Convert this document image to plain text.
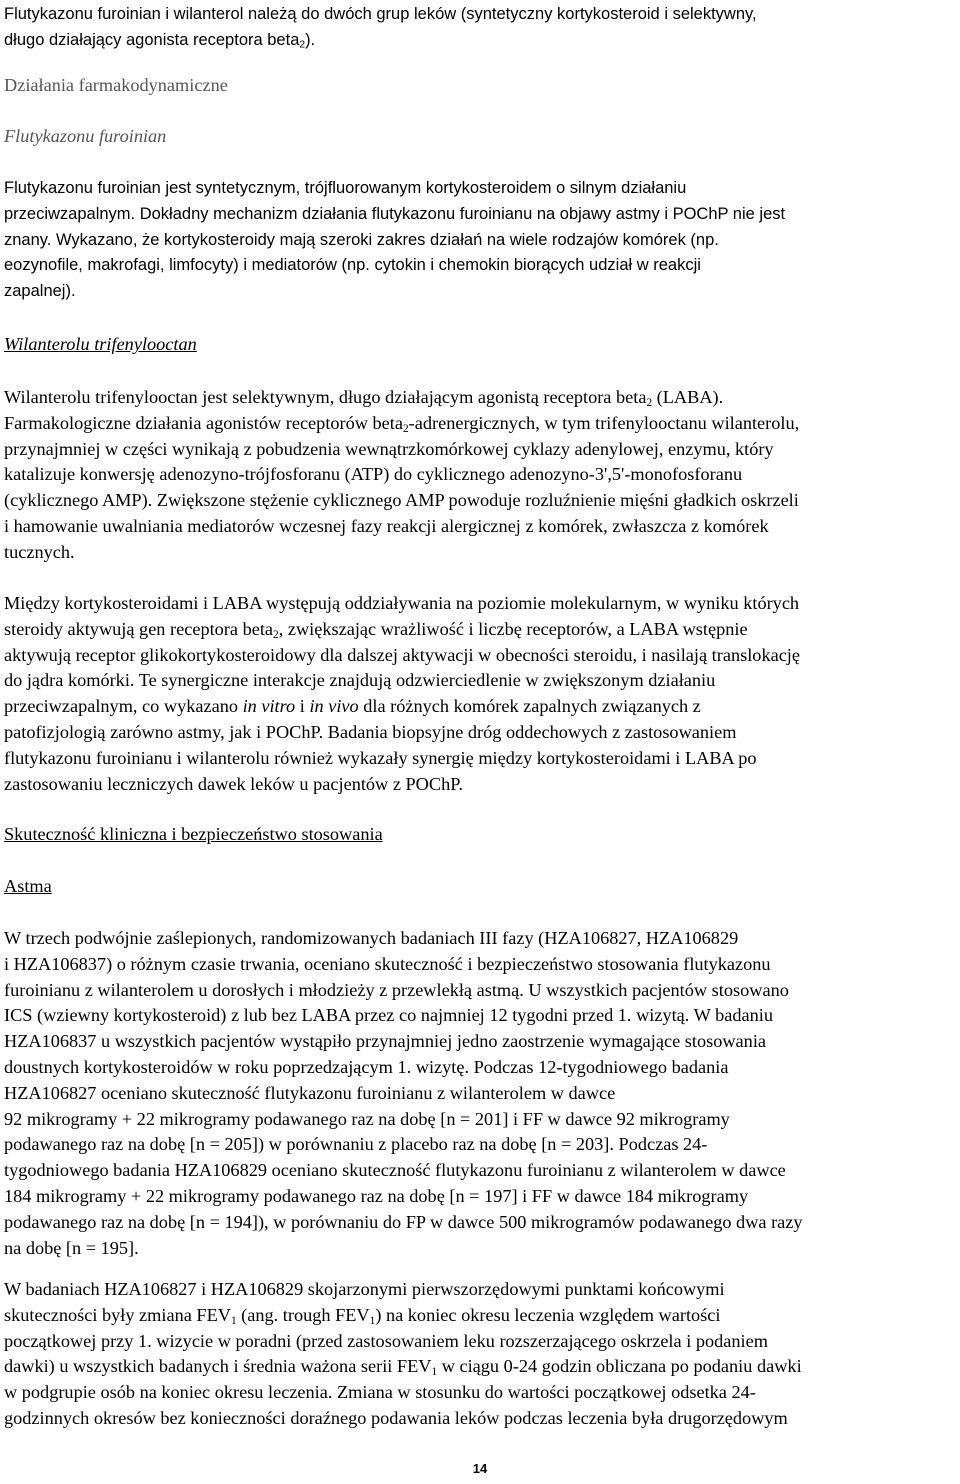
Flutykazonu furoinian i wilanterol należą do dwóch grup leków (syntetyczny kortykosteroid i selektywny,
długo działający agonista receptora beta$_2$).

Działania farmakodynamiczne

Flutykazonu furoinian

Flutykazonu furoinian jest syntetycznym, trójfluorowanym kortykosteroidem o silnym działaniu
przeciwzapalnym. Dokładny mechanizm działania flutykazonu furoinianu na objawy astmy i POChP nie jest
znany. Wykazano, że kortykosteroidy mają szeroki zakres działań na wiele rodzajów komórek (np.
eozynofile, makrofagi, limfocyty) i mediatorów (np. cytokin i chemokin biorących udział w reakcji
zapalnej).

Wilanterolu trifenylooctan

Wilanterolu trifenylooctan jest selektywnym, długo działającym agonistą receptora beta$_2$ (LABA).
Farmakologiczne działania agonistów receptorów beta$_2$-adrenergicznych, w tym trifenylooctanu wilanterolu,
przynajmniej w części wynikają z pobudzenia wewnątrzkomórkowej cyklazy adenylowej, enzymu, który
katalizuje konwersję adenozyno-trójfosforanu (ATP) do cyklicznego adenozyno-3',5'-monofosforanu
(cyklicznego AMP). Zwiększone stężenie cyklicznego AMP powoduje rozluźnienie mięśni gładkich oskrzeli
i hamowanie uwalniania mediatorów wczesnej fazy reakcji alergicznej z komórek, zwłaszcza z komórek
tucznych.

Między kortykosteroidami i LABA występują oddziaływania na poziomie molekularnym, w wyniku których
steroidy aktywują gen receptora beta$_2$, zwiększając wrażliwość i liczbę receptorów, a LABA wstępnie
aktywują receptor glikokortykosteroidowy dla dalszej aktywacji w obecności steroidu, i nasilają translokację
do jądra komórki. Te synergiczne interakcje znajdują odzwierciedlenie w zwiększonym działaniu
przeciwzapalnym, co wykazano in vitro i in vivo dla różnych komórek zapalnych związanych z
patofizjologią zarówno astmy, jak i POChP. Badania biopsyjne dróg oddechowych z zastosowaniem
flutykazonu furoinianu i wilanterolu również wykazały synergię między kortykosteroidami i LABA po
zastosowaniu leczniczych dawek leków u pacjentów z POChP.

Skuteczność kliniczna i bezpieczeństwo stosowania

Astma

W trzech podwójnie zaślepionych, randomizowanych badaniach III fazy (HZA106827, HZA106829
i HZA106837) o różnym czasie trwania, oceniano skuteczność i bezpieczeństwo stosowania flutykazonu
furoinianu z wilanterolem u dorosłych i młodzieży z przewlekłą astmą. U wszystkich pacjentów stosowano
ICS (wziewny kortykosteroid) z lub bez LABA przez co najmniej 12 tygodni przed 1. wizytą. W badaniu
HZA106837 u wszystkich pacjentów wystąpiło przynajmniej jedno zaostrzenie wymagające stosowania
doustnych kortykosteroidów w roku poprzedzającym 1. wizytę. Podczas 12-tygodniowego badania
HZA106827 oceniano skuteczność flutykazonu furoinianu z wilanterolem w dawce
92 mikrogramy + 22 mikrogramy podawanego raz na dobę [n = 201] i FF w dawce 92 mikrogramy
podawanego raz na dobę [n = 205]) w porównaniu z placebo raz na dobę [n = 203]. Podczas 24-
tygodniowego badania HZA106829 oceniano skuteczność flutykazonu furoinianu z wilanterolem w dawce
184 mikrogramy + 22 mikrogramy podawanego raz na dobę [n = 197] i FF w dawce 184 mikrogramy
podawanego raz na dobę [n = 194]), w porównaniu do FP w dawce 500 mikrogramów podawanego dwa razy
na dobę [n = 195].

W badaniach HZA106827 i HZA106829 skojarzonymi pierwszorzędowymi punktami końcowymi
skuteczności były zmiana $FEV_1$ (ang. trough $FEV_1$) na koniec okresu leczenia względem wartości
początkowej przy 1. wizycie w poradni (przed zastosowaniem leku rozszerzającego oskrzela i podaniem
dawki) u wszystkich badanych i średnia ważona serii $FEV_1$ w ciągu 0-24 godzin obliczana po podaniu dawki
w podgrupie osób na koniec okresu leczenia. Zmiana w stosunku do wartości początkowej odsetka 24-
godzinnych okresów bez konieczności doraźnego podawania leków podczas leczenia była drugorzędowym

14
